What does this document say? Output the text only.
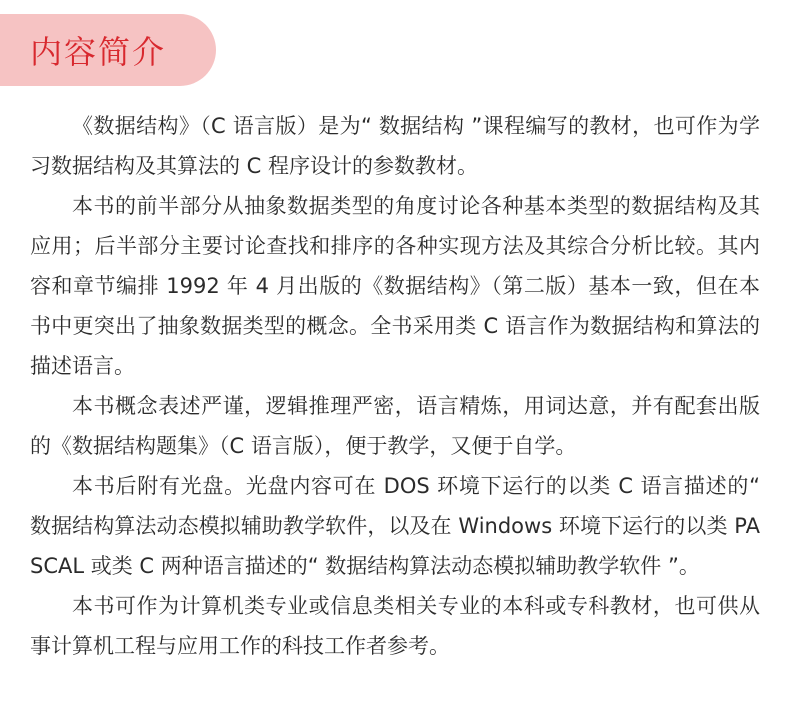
内容简介

《数据结构》（C 语言版）是为“ 数据结构 ”课程编写的教材，也可作为学习数据结构及其算法的 C 程序设计的参数教材。

本书的前半部分从抽象数据类型的角度讨论各种基本类型的数据结构及其应用；后半部分主要讨论查找和排序的各种实现方法及其综合分析比较。其内容和章节编排 1992 年 4 月出版的《数据结构》（第二版）基本一致，但在本书中更突出了抽象数据类型的概念。全书采用类 C 语言作为数据结构和算法的描述语言。

本书概念表述严谨，逻辑推理严密，语言精炼，用词达意，并有配套出版的《数据结构题集》（C 语言版），便于教学，又便于自学。

本书后附有光盘。光盘内容可在 DOS 环境下运行的以类 C 语言描述的“ 数据结构算法动态模拟辅助教学软件，以及在 Windows 环境下运行的以类 PASCAL 或类 C 两种语言描述的“ 数据结构算法动态模拟辅助教学软件 ”。

本书可作为计算机类专业或信息类相关专业的本科或专科教材，也可供从事计算机工程与应用工作的科技工作者参考。
